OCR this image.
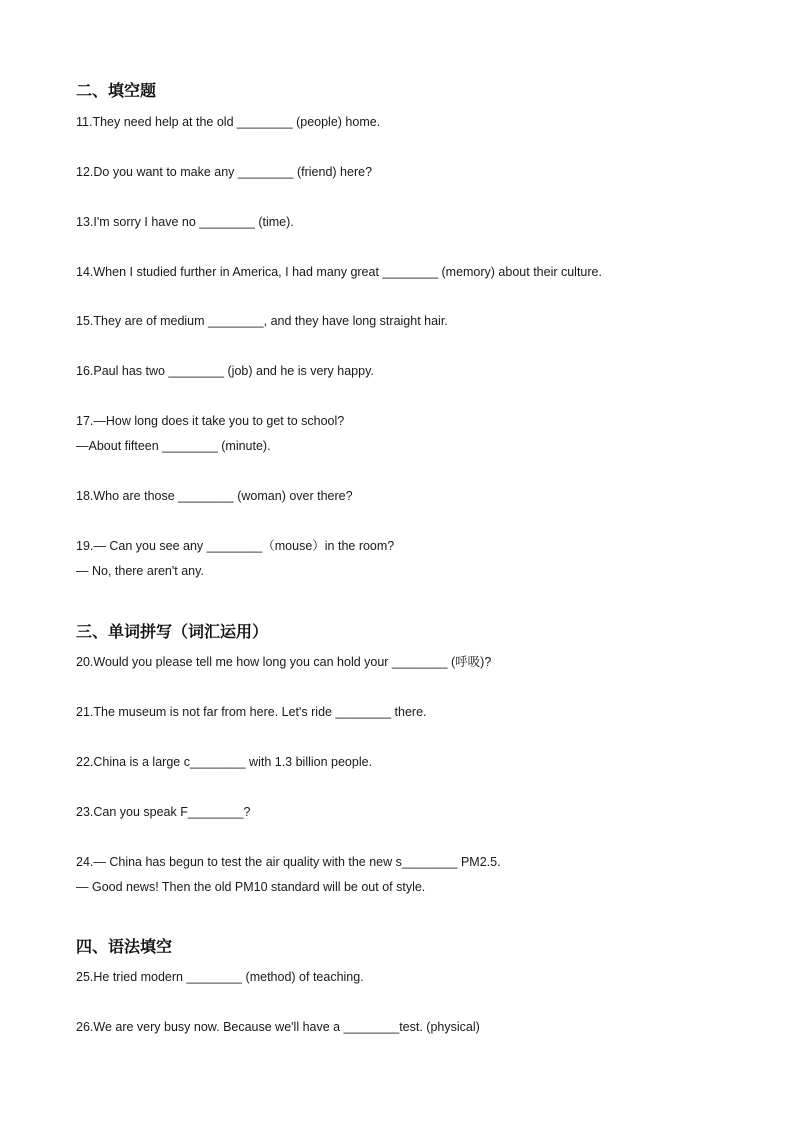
二、填空题
11.They need help at the old ________ (people) home.
12.Do you want to make any ________ (friend) here?
13.I'm sorry I have no ________ (time).
14.When I studied further in America, I had many great ________ (memory) about their culture.
15.They are of medium ________, and they have long straight hair.
16.Paul has two ________ (job) and he is very happy.
17.—How long does it take you to get to school?
—About fifteen ________ (minute).
18.Who are those ________ (woman) over there?
19.— Can you see any ________（mouse）in the room?
— No, there aren't any.
三、单词拼写（词汇运用）
20.Would you please tell me how long you can hold your ________ (呼吸)?
21.The museum is not far from here. Let's ride ________ there.
22.China is a large c________ with 1.3 billion people.
23.Can you speak F________?
24.— China has begun to test the air quality with the new s________ PM2.5.
— Good news! Then the old PM10 standard will be out of style.
四、语法填空
25.He tried modern ________ (method) of teaching.
26.We are very busy now. Because we'll have a ________test. (physical)
